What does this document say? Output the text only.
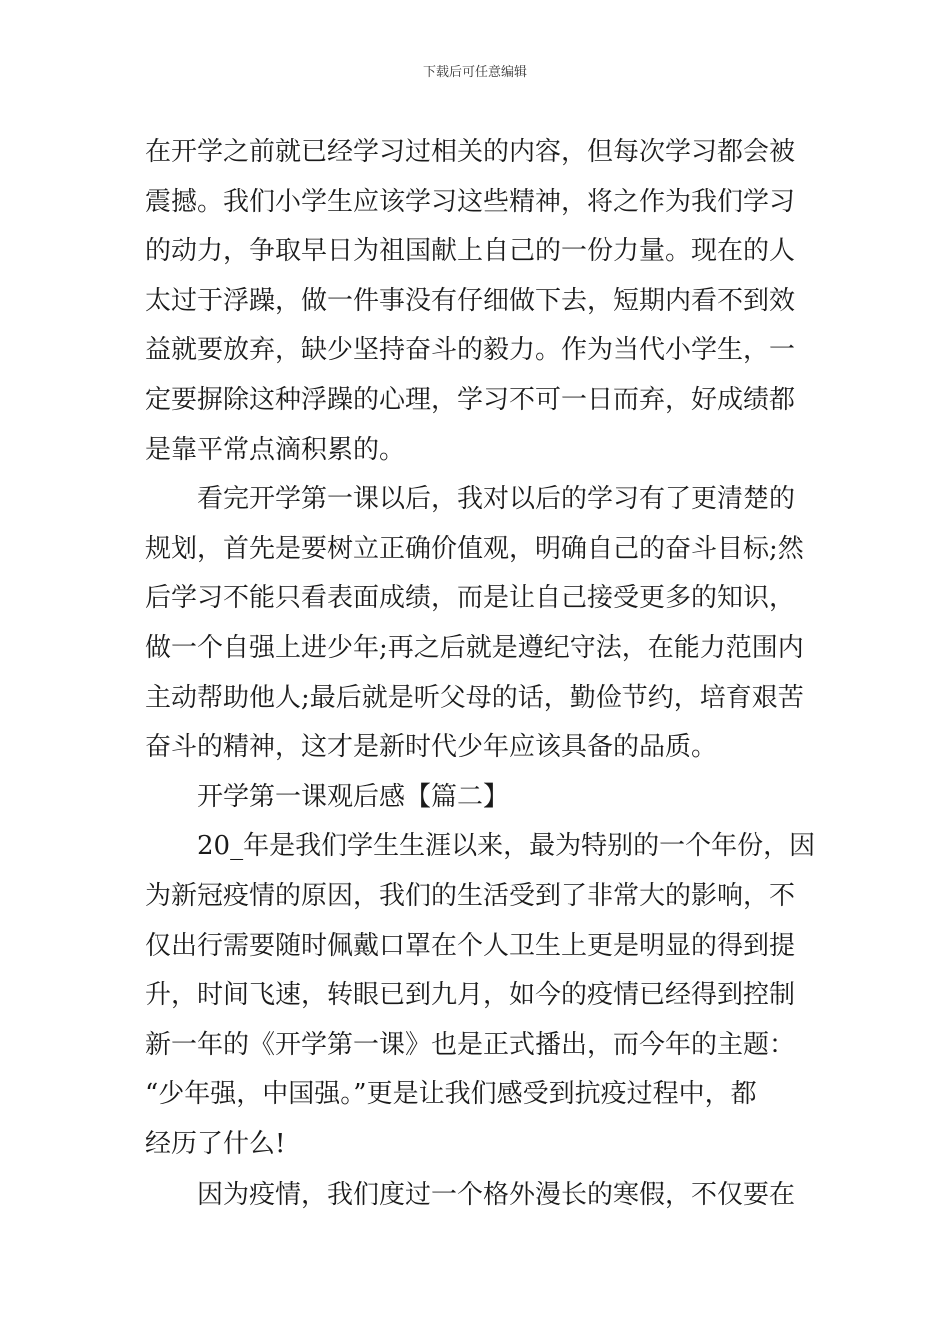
下载后可任意编辑
在开学之前就已经学习过相关的内容，但每次学习都会被
震撼。我们小学生应该学习这些精神，将之作为我们学习
的动力，争取早日为祖国献上自己的一份力量。现在的人
太过于浮躁，做一件事没有仔细做下去，短期内看不到效
益就要放弃，缺少坚持奋斗的毅力。作为当代小学生，一
定要摒除这种浮躁的心理，学习不可一日而弃，好成绩都
是靠平常点滴积累的。
看完开学第一课以后，我对以后的学习有了更清楚的
规划，首先是要树立正确价值观，明确自己的奋斗目标;然
后学习不能只看表面成绩，而是让自己接受更多的知识，
做一个自强上进少年;再之后就是遵纪守法，在能力范围内
主动帮助他人;最后就是听父母的话，勤俭节约，培育艰苦
奋斗的精神，这才是新时代少年应该具备的品质。
开学第一课观后感【篇二】
20_年是我们学生生涯以来，最为特别的一个年份，因
为新冠疫情的原因，我们的生活受到了非常大的影响，不
仅出行需要随时佩戴口罩在个人卫生上更是明显的得到提
升，时间飞速，转眼已到九月，如今的疫情已经得到控制
新一年的《开学第一课》也是正式播出，而今年的主题：
“少年强，中国强。”更是让我们感受到抗疫过程中，都
经历了什么!
因为疫情，我们度过一个格外漫长的寒假，不仅要在
